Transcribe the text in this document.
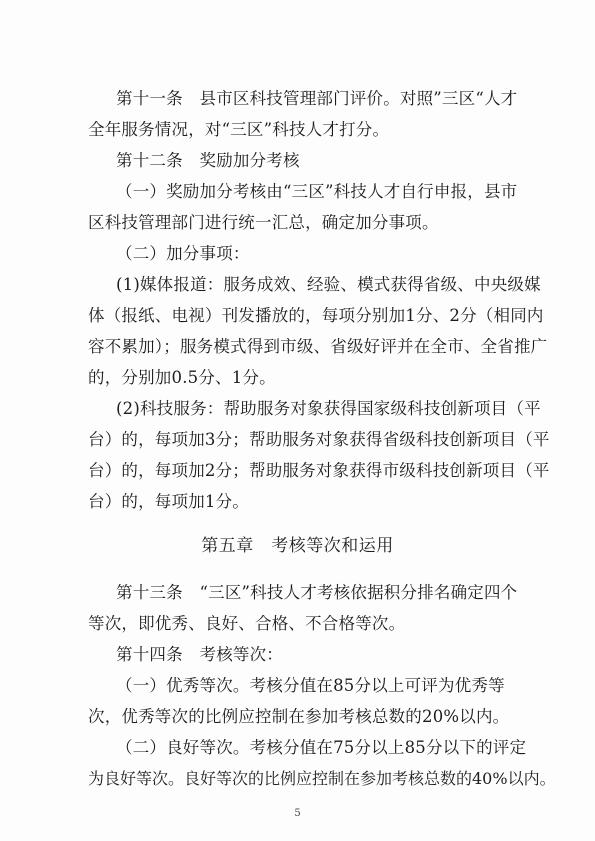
第十一条　县市区科技管理部门评价。对照”三区“人才
全年服务情况，对“三区”科技人才打分。
第十二条　奖励加分考核
（一）奖励加分考核由“三区”科技人才自行申报，县市
区科技管理部门进行统一汇总，确定加分事项。
（二）加分事项：
(1)媒体报道：服务成效、经验、模式获得省级、中央级媒
体（报纸、电视）刊发播放的，每项分别加1分、2分（相同内
容不累加）；服务模式得到市级、省级好评并在全市、全省推广
的，分别加0.5分、1分。
(2)科技服务：帮助服务对象获得国家级科技创新项目（平
台）的，每项加3分；帮助服务对象获得省级科技创新项目（平
台）的，每项加2分；帮助服务对象获得市级科技创新项目（平
台）的，每项加1分。
第五章　考核等次和运用
第十三条　“三区”科技人才考核依据积分排名确定四个
等次，即优秀、良好、合格、不合格等次。
第十四条　考核等次：
（一）优秀等次。考核分值在85分以上可评为优秀等
次，优秀等次的比例应控制在参加考核总数的20%以内。
（二）良好等次。考核分值在75分以上85分以下的评定
为良好等次。良好等次的比例应控制在参加考核总数的40%以内。
5
